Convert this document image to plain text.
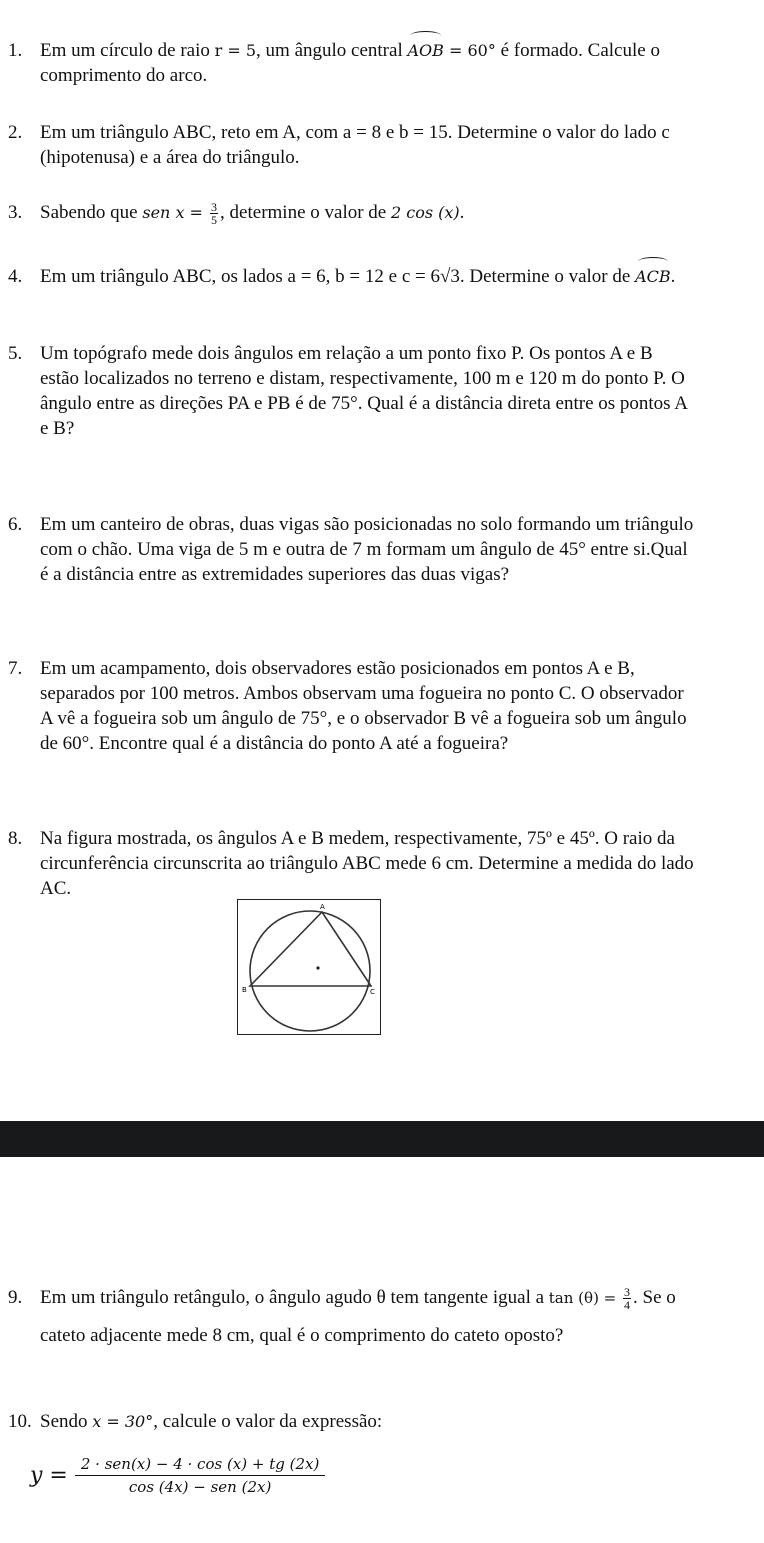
1. Em um círculo de raio r = 5, um ângulo central AOB = 60° é formado. Calcule o
comprimento do arco.
2. Em um triângulo ABC, reto em A, com a = 8 e b = 15. Determine o valor do lado c
(hipotenusa) e a área do triângulo.
3. Sabendo que sen $x = \frac{3}{5}$ , determine o valor de 2 cos (x).
4. Em um triângulo ABC, os lados a = 6, b = 12 e c = 6√3. Determine o valor de ACB.
5. Um topógrafo mede dois ângulos em relação a um ponto fixo P. Os pontos A e B
estão localizados no terreno e distam, respectivamente, 100 m e 120 m do ponto P. O
ângulo entre as direções PA e PB é de 75°. Qual é a distância direta entre os pontos A
e B?
6. Em um canteiro de obras, duas vigas são posicionadas no solo formando um triângulo
com o chão. Uma viga de 5 m e outra de 7 m formam um ângulo de 45° entre si.Qual
é a distância entre as extremidades superiores das duas vigas?
7. Em um acampamento, dois observadores estão posicionados em pontos A e B,
separados por 100 metros. Ambos observam uma fogueira no ponto C. O observador
A vê a fogueira sob um ângulo de 75°, e o observador B vê a fogueira sob um ângulo
de 60°. Encontre qual é a distância do ponto A até a fogueira?
8. Na figura mostrada, os ângulos A e B medem, respectivamente, 75º e 45º. O raio da
circunferência circunscrita ao triângulo ABC mede 6 cm. Determine a medida do lado
AC.
A
B	C
9. Em um triângulo retângulo, o ângulo agudo θ tem tangente igual a $\tan (\theta) = \frac{3}{4}$ . Se o
cateto adjacente mede 8 cm, qual é o comprimento do cateto oposto?
10. Sendo x = 30°, calcule o valor da expressão:
y = 2 · sen(x) − 4 · cos (x) + tg (2x)
cos (4x) − sen (2x)
